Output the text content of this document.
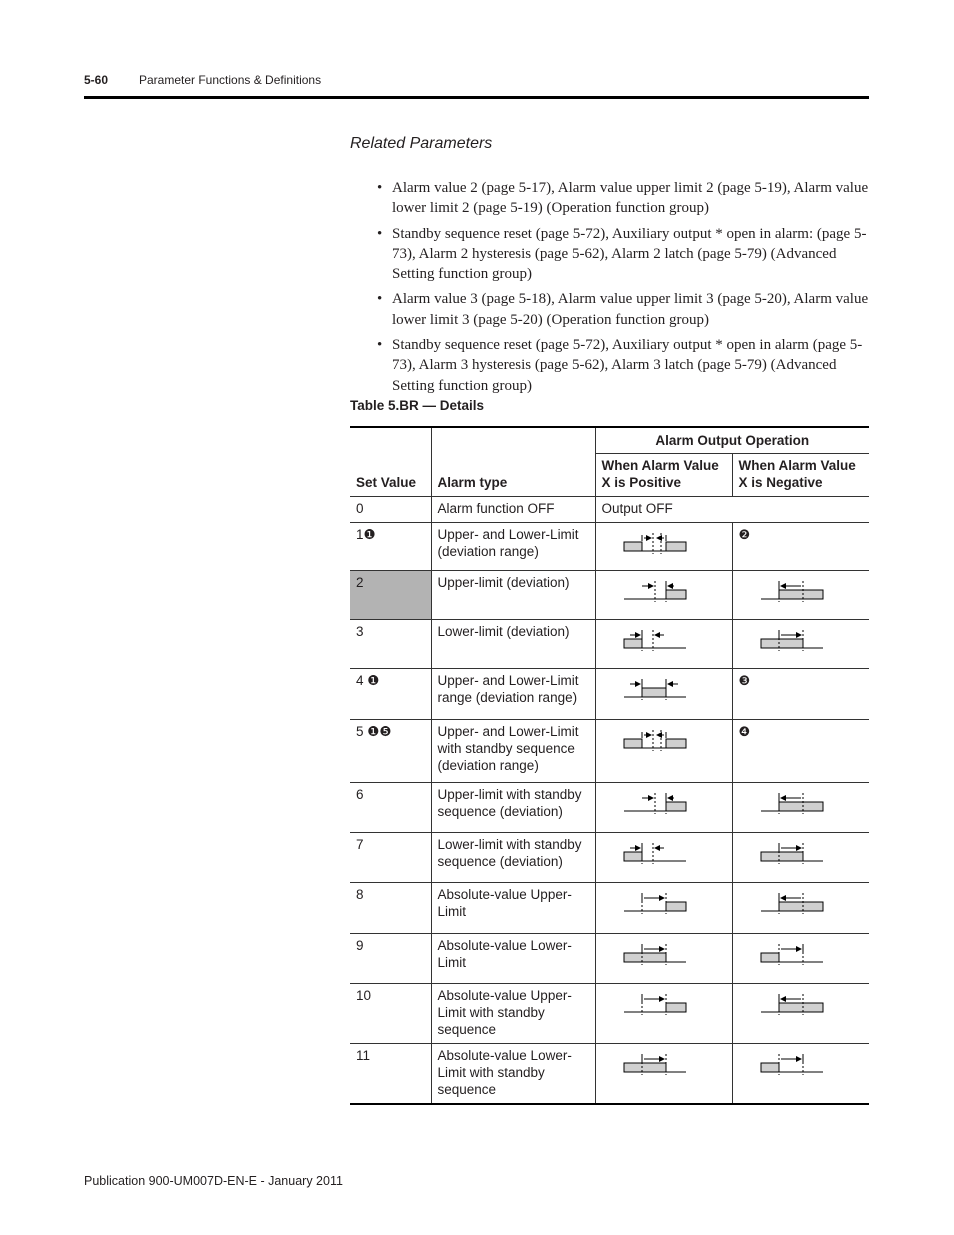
5-60	Parameter Functions & Definitions
Related Parameters
• Alarm value 2 (page 5-17), Alarm value upper limit 2 (page 5-19), Alarm value lower limit 2 (page 5-19) (Operation function group)
• Standby sequence reset (page 5-72), Auxiliary output * open in alarm: (page 5-73), Alarm 2 hysteresis (page 5-62), Alarm 2 latch (page 5-79) (Advanced Setting function group)
• Alarm value 3 (page 5-18), Alarm value upper limit 3 (page 5-20), Alarm value lower limit 3 (page 5-20) (Operation function group)
• Standby sequence reset (page 5-72), Auxiliary output * open in alarm (page 5-73), Alarm 3 hysteresis (page 5-62), Alarm 3 latch (page 5-79) (Advanced Setting function group)
Table 5.BR — Details
Set Value	Alarm type	Alarm Output Operation	

		When Alarm Value X is Positive	When Alarm Value X is Negative

0	Alarm function OFF	Output OFF	

1❶	Upper- and Lower-Limit (deviation range)		❷

2	Upper-limit (deviation)

3	Lower-limit (deviation)

4 ❶	Upper- and Lower-Limit range (deviation range)		❸

5 ❶❺	Upper- and Lower-Limit with standby sequence (deviation range)		❹

6	Upper-limit with standby sequence (deviation)

7	Lower-limit with standby sequence (deviation)

8	Absolute-value Upper-Limit

9	Absolute-value Lower-Limit

10	Absolute-value Upper-Limit with standby sequence

11	Absolute-value Lower-Limit with standby sequence

Publication 900-UM007D-EN-E - January 2011
